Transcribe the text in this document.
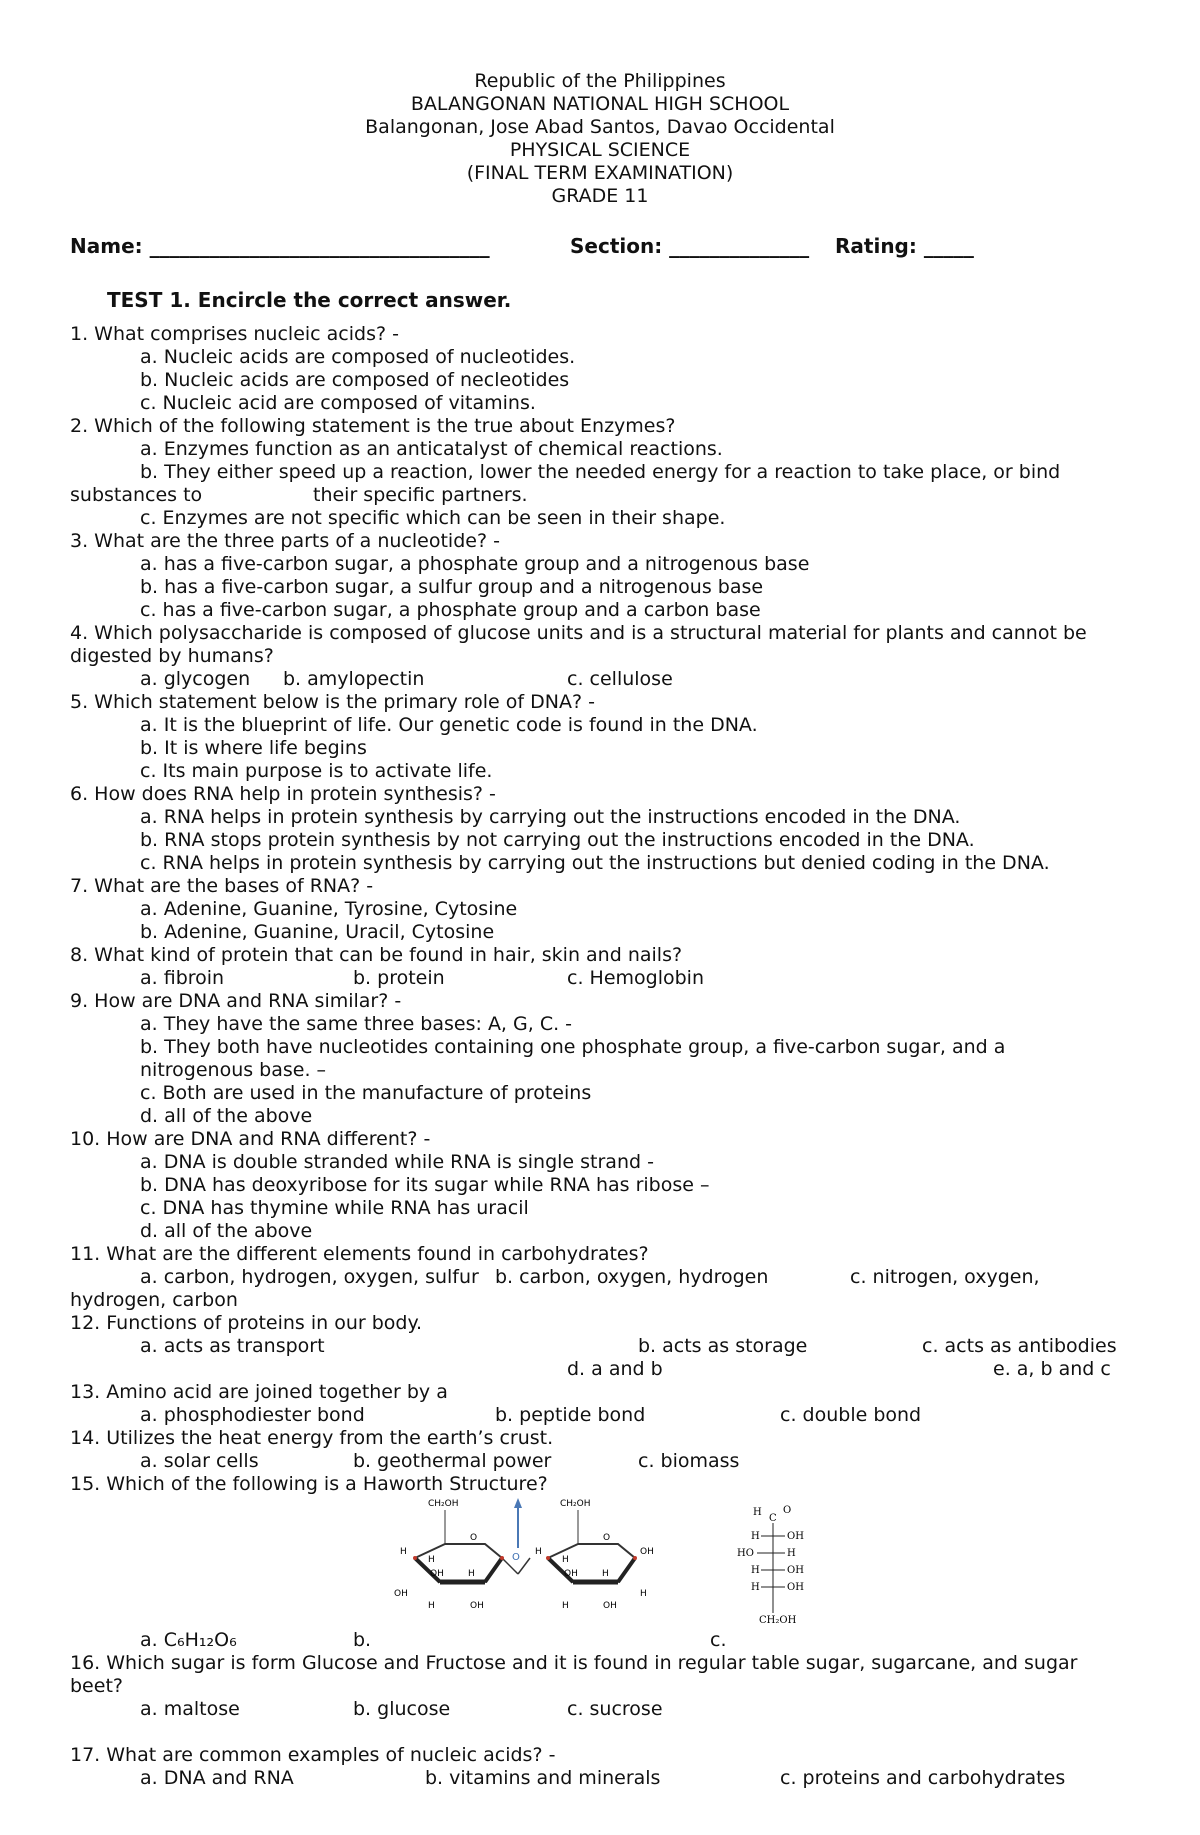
Republic of the Philippines
BALANGONAN NATIONAL HIGH SCHOOL
Balangonan, Jose Abad Santos, Davao Occidental
PHYSICAL SCIENCE
(FINAL TERM EXAMINATION)
GRADE 11
Name: __________________________________	Section: ______________ Rating: _____
TEST 1. Encircle the correct answer.
1. What comprises nucleic acids? -
a. Nucleic acids are composed of nucleotides.
b. Nucleic acids are composed of necleotides
c. Nucleic acid are composed of vitamins.
2. Which of the following statement is the true about Enzymes?
a. Enzymes function as an anticatalyst of chemical reactions.
b. They either speed up a reaction, lower the needed energy for a reaction to take place, or bind
substances to	their specific partners.
c. Enzymes are not specific which can be seen in their shape.
3. What are the three parts of a nucleotide? -
a. has a five-carbon sugar, a phosphate group and a nitrogenous base
b. has a five-carbon sugar, a sulfur group and a nitrogenous base
c. has a five-carbon sugar, a phosphate group and a carbon base
4. Which polysaccharide is composed of glucose units and is a structural material for plants and cannot be
digested by humans?
a. glycogen b. amylopectin	c. cellulose
5. Which statement below is the primary role of DNA? -
a. It is the blueprint of life. Our genetic code is found in the DNA.
b. It is where life begins
c. Its main purpose is to activate life.
6. How does RNA help in protein synthesis? -
a. RNA helps in protein synthesis by carrying out the instructions encoded in the DNA.
b. RNA stops protein synthesis by not carrying out the instructions encoded in the DNA.
c. RNA helps in protein synthesis by carrying out the instructions but denied coding in the DNA.
7. What are the bases of RNA? -
a. Adenine, Guanine, Tyrosine, Cytosine
b. Adenine, Guanine, Uracil, Cytosine
8. What kind of protein that can be found in hair, skin and nails?
a. fibroin	b. protein	c. Hemoglobin
9. How are DNA and RNA similar? -
a. They have the same three bases: A, G, C. -
b. They both have nucleotides containing one phosphate group, a five-carbon sugar, and a
nitrogenous base. –
c. Both are used in the manufacture of proteins
d. all of the above
10. How are DNA and RNA different? -
a. DNA is double stranded while RNA is single strand -
b. DNA has deoxyribose for its sugar while RNA has ribose –
c. DNA has thymine while RNA has uracil
d. all of the above
11. What are the different elements found in carbohydrates?
a. carbon, hydrogen, oxygen, sulfur b. carbon, oxygen, hydrogen	c. nitrogen, oxygen,
hydrogen, carbon
12. Functions of proteins in our body.
a. acts as transport	b. acts as storage	c. acts as antibodies
d. a and b	e. a, b and c
13. Amino acid are joined together by a
a. phosphodiester bond	b. peptide bond	c. double bond
14. Utilizes the heat energy from the earth’s crust.
a. solar cells	b. geothermal power	c. biomass
15. Which of the following is a Haworth Structure?
O
CH₂OH
H
H
OH	H
OH
H	OH
O
O
CH₂OH
H
H
OH
OH	H
H
H	OH
H
C
O
H	OH
HO	H
H	OH
H	OH
CH₂OH
a. C₆H₁₂O₆	b.	c.
16. Which sugar is form Glucose and Fructose and it is found in regular table sugar, sugarcane, and sugar
beet?
a. maltose	b. glucose	c. sucrose
17. What are common examples of nucleic acids? -
a. DNA and RNA	b. vitamins and minerals	c. proteins and carbohydrates
